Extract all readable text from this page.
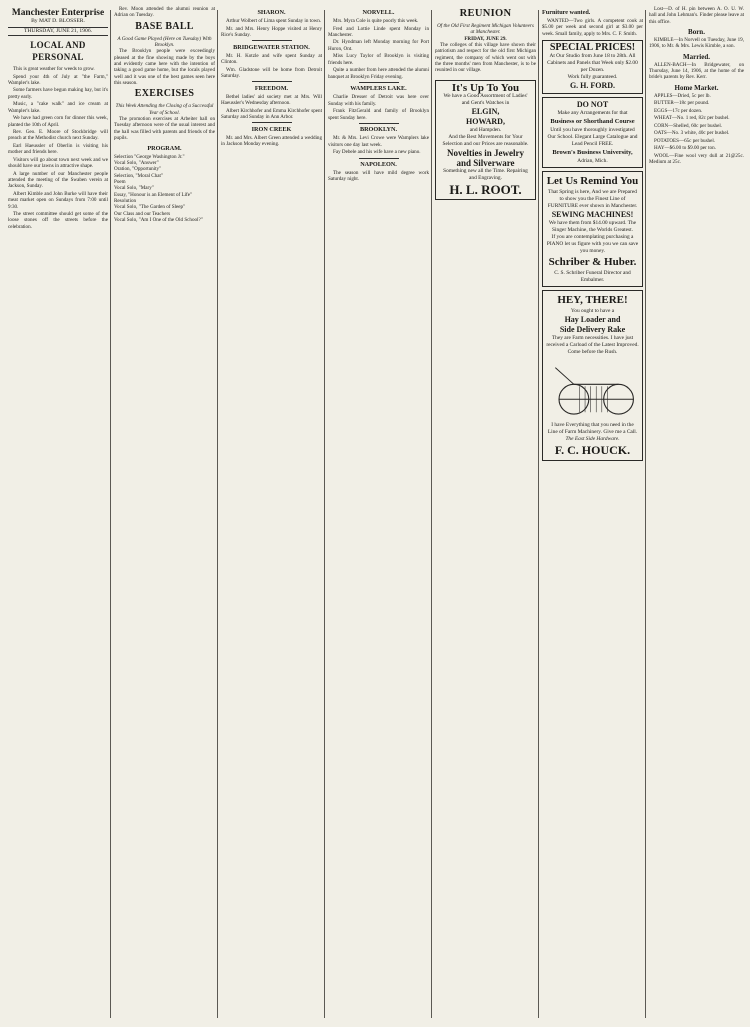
Manchester Enterprise
By MAT D. BLOSSER.
THURSDAY, JUNE 21, 1906.
LOCAL AND PERSONAL

This is great weather for weeds to grow.

Spend your 4th of July at "the Farm," Wampler's lake.

Some farmers have begun making hay, but it's pretty early.

Music, a "cake walk" and ice cream at Wampler's lake.

We have had green corn for dinner this week, planted the 10th of April.

Rev. Geo. E. Moore of Stockbridge will preach at the Methodist church next Sunday.

Earl Haeussler of Oberlin is visiting his mother and friends here.

Visitors will go about town next week and we should have our lawns in attractive shape.

A large number of our Manchester people attended the meeting of the Swaben verein at Jackson, Sunday.

Albert Kimble and John Burke will have their meat market open on Sundays from 7:00 until 9:30.

The street committee should get some of the loose stones off the streets before the celebration.

Rev. Moon attended the alumni reunion at Adrian on Tuesday.

BASE BALL
A Good Game Played (Here on Tuesday) With Brooklyn.

The Brooklyn people were exceedingly pleased at the fine showing made by the boys and evidently came here with the intention of taking a good game home, but the locals played well and it was one of the best games seen here this season.

EXERCISES
This Week Attending the Closing of a Successful Year of School.

The promotion exercises at Arbeiter hall on Tuesday afternoon were of the usual interest and the hall was filled with parents and friends of the pupils.

PROGRAM.
Selection "George Washington Jr."
Vocal Solo, "Answer"
Oration, "Opportunity"
Selection, "Moral Chat"
Poem
Vocal Solo, "Mary"
Essay, "Honour is an Element of Life"
Resolution
Vocal Solo, "The Garden of Sleep"
Our Class and our Teachers
Vocal Solo, "Am I One of the Old School?"
SHARON.

Arthur Wolbert of Lima spent Sunday in town.

Mr. and Mrs. Henry Hoppe visited at Henry Rice's Sunday.

BRIDGEWATER STATION.

Mr. H. Kotzle and wife spent Sunday at Clinton.

Wm. Gladstone will be home from Detroit Saturday.

FREEDOM.

Bethel ladies' aid society met at Mrs. Will Haeussler's Wednesday afternoon.

Albert Kirchhofer and Emma Kirchhofer spent Saturday and Sunday in Ann Arbor.

IRON CREEK

Mr. and Mrs. Albert Green attended a wedding in Jackson Monday evening.

NORVELL.

Mrs. Myra Cole is quite poorly this week.

Fred and Lottie Linde spent Monday in Manchester.

Dr. Hyndman left Monday morning for Port Huron, Ont.

Miss Lucy Taylor of Brooklyn is visiting friends here.

Quite a number from here attended the alumni banquet at Brooklyn Friday evening.

WAMPLERS LAKE.

Charlie Dresser of Detroit was here over Sunday with his family.

Frank FitzGerald and family of Brooklyn spent Sunday here.

BROOKLYN.

Mr. & Mrs. Levi Crowe were Wamplers lake visitors one day last week.

Fay Debele and his wife have a new piano.

NAPOLEON.

The season will have mild degree work Saturday night.

REUNION
Of the Old First Regiment Michigan Volunteers at Manchester.
FRIDAY, JUNE 29.

The colleges of this village have shown their patriotism and respect for the old first Michigan regiment, the company of which went out with the three months' men from Manchester, is to be reunited in our village.

It's Up To You
We have a Good Assortment of Ladies' and Gent's Watches in
ELGIN,
HOWARD,
and Hampden.
And the Best Movements for Your Selection and our Prices are reasonable.
Novelties in Jewelry and Silverware
Something new all the Time. Repairing and Engraving.
H. L. ROOT.
Furniture wanted.

WANTED—Two girls. A competent cook at $5.00 per week and second girl at $3.00 per week. Small family, apply to Mrs. C. F. Smith.

SPECIAL PRICES!
At Our Studio from June 18 to 28th. All Cabinets and Panels that Week only $2.00 per Dozen.
Work fully guaranteed.
G. H. FORD.
DO NOT
Make any Arrangements for that
Business or Shorthand Course
Until you have thoroughly investigated Our School. Elegant Large Catalogue and Lead Pencil FREE.
Brown's Business University,
Adrian, Mich.
Let Us Remind You
That Spring is here, And we are Prepared to show you the Finest Line of FURNITURE ever shown in Manchester.
SEWING MACHINES!
We have them from $14.00 upward. The Singer Machine, the Worlds Greatest.
If you are contemplating purchasing a PIANO let us figure with you we can save you money.
Schriber & Huber.
C. S. Schriber Funeral Director and Embalmer.
HEY, THERE!
You ought to have a
Hay Loader and
Side Delivery Rake
They are Farm necessities. I have just received a Carload of the Latest Improved. Come before the Rush.
I have Everything that you need in the Line of Farm Machinery. Give me a Call.
The East Side Hardware.
F. C. HOUCK.

Lost—D. of H. pin between A. O. U. W. hall and John Lehman's. Finder please leave at this office.

Born.

KIMBLE—In Norvell on Tuesday, June 19, 1906, to Mr. & Mrs. Lewis Kimble, a son.

Married.

ALLEN-BACH—In Bridgewater, on Thursday, June 14, 1906, at the home of the bride's parents by Rev. Kerr.

Home Market.

APPLES—Dried, 5c per lb.

BUTTER—18c per pound.

EGGS—17c per dozen.

WHEAT—No. 1 red, 82c per bushel.

CORN—Shelled, 60c per bushel.

OATS—No. 3 white, 40c per bushel.

POTATOES—65c per bushel.

HAY—$6.00 to $9.00 per ton.

WOOL—Fine wool very dull at 21@25c. Medium at 25c.
